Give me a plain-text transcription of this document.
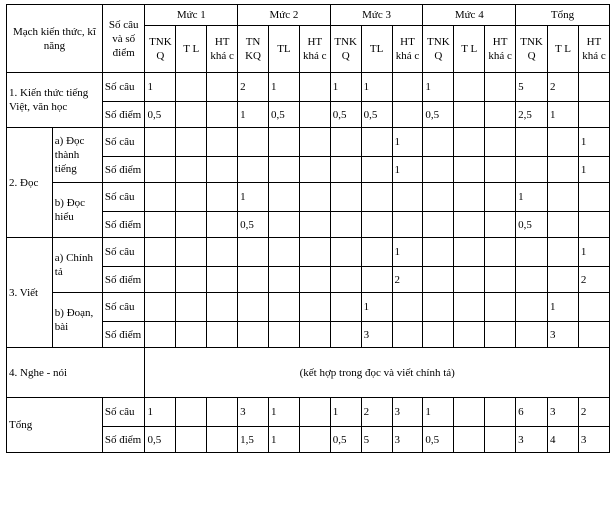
Mạch kiến thức, kĩ năng		Số câu và số điểm	Mức 1			Mức 2			Mức 3			Mức 4			Tổng		
			TNK Q	T L	HT khá c	TN KQ	TL	HT khá c	TNK Q	TL	HT khá c	TNK Q	T L	HT khá c	TNK Q	T L	HT khá c
1. Kiến thức tiếng Việt, văn học		Số câu	1			2	1		1	1		1			5	2	
		Số điểm	0,5			1	0,5		0,5	0,5		0,5			2,5	1	
2. Đọc	a) Đọc thành tiếng	Số câu									1						1
		Số điểm									1						1
	b) Đọc hiểu	Số câu				1									1		
		Số điểm				0,5									0,5		
3. Viết	a) Chính tả	Số câu									1						1
		Số điểm									2						2
	b) Đoạn, bài	Số câu								1						1	
		Số điểm								3						3	
4. Nghe - nói			(kết hợp trong đọc và viết chính tả)														
Tổng		Số câu	1			3	1		1	2	3	1			6	3	2
		Số điểm	0,5			1,5	1		0,5	5	3	0,5			3	4	3
